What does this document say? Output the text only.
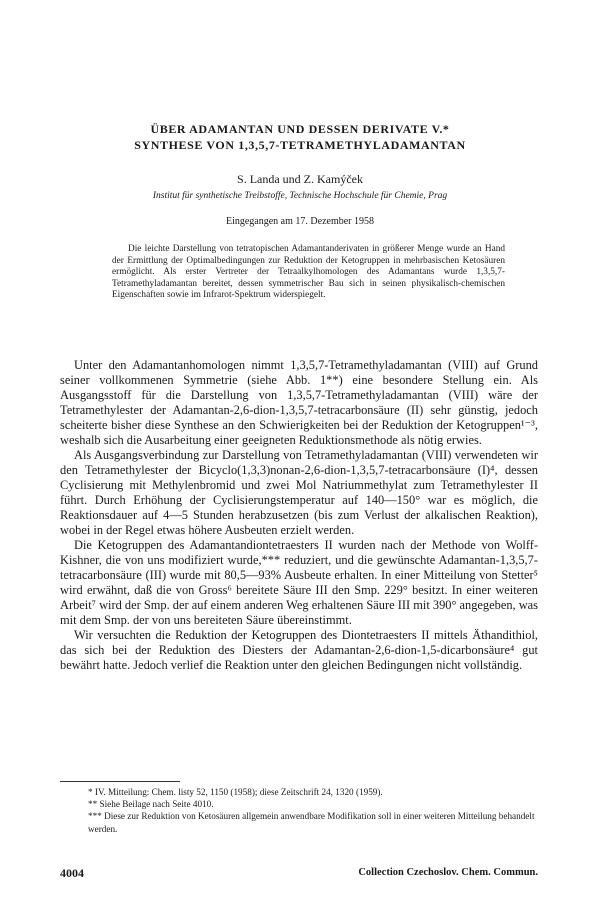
ÜBER ADAMANTAN UND DESSEN DERIVATE V.*
SYNTHESE VON 1,3,5,7-TETRAMETHYLADAMANTAN
S. Landa und Z. Kamýček
Institut für synthetische Treibstoffe, Technische Hochschule für Chemie, Prag
Eingegangen am 17. Dezember 1958

Die leichte Darstellung von tetratopischen Adamantanderivaten in größerer Menge wurde an Hand der Ermittlung der Optimalbedingungen zur Reduktion der Ketogruppen in mehrbasischen Ketosäuren ermöglicht. Als erster Vertreter der Tetraalkylhomologen des Adamantans wurde 1,3,5,7-Tetramethyladamantan bereitet, dessen symmetrischer Bau sich in seinen physikalisch-chemischen Eigenschaften sowie im Infrarot-Spektrum widerspiegelt.

Unter den Adamantanhomologen nimmt 1,3,5,7-Tetramethyladamantan (VIII) auf Grund seiner vollkommenen Symmetrie (siehe Abb. 1**) eine besondere Stellung ein. Als Ausgangsstoff für die Darstellung von 1,3,5,7-Tetramethyladamantan (VIII) wäre der Tetramethylester der Adamantan-2,6-dion-1,3,5,7-tetracarbonsäure (II) sehr günstig, jedoch scheiterte bisher diese Synthese an den Schwierigkeiten bei der Reduktion der Ketogruppen¹⁻³, weshalb sich die Ausarbeitung einer geeigneten Reduktionsmethode als nötig erwies.

Als Ausgangsverbindung zur Darstellung von Tetramethyladamantan (VIII) verwendeten wir den Tetramethylester der Bicyclo(1,3,3)nonan-2,6-dion-1,3,5,7-tetracarbonsäure (I)⁴, dessen Cyclisierung mit Methylenbromid und zwei Mol Natriummethylat zum Tetramethylester II führt. Durch Erhöhung der Cyclisierungstemperatur auf 140—150° war es möglich, die Reaktionsdauer auf 4—5 Stunden herabzusetzen (bis zum Verlust der alkalischen Reaktion), wobei in der Regel etwas höhere Ausbeuten erzielt werden.

Die Ketogruppen des Adamantandiontetraesters II wurden nach der Methode von Wolff-Kishner, die von uns modifiziert wurde,*** reduziert, und die gewünschte Adamantan-1,3,5,7-tetracarbonsäure (III) wurde mit 80,5—93% Ausbeute erhalten. In einer Mitteilung von Stetter⁵ wird erwähnt, daß die von Gross⁶ bereitete Säure III den Smp. 229° besitzt. In einer weiteren Arbeit⁷ wird der Smp. der auf einem anderen Weg erhaltenen Säure III mit 390° angegeben, was mit dem Smp. der von uns bereiteten Säure übereinstimmt.

Wir versuchten die Reduktion der Ketogruppen des Diontetraesters II mittels Äthandithiol, das sich bei der Reduktion des Diesters der Adamantan-2,6-dion-1,5-dicarbonsäure⁴ gut bewährt hatte. Jedoch verlief die Reaktion unter den gleichen Bedingungen nicht vollständig.

* IV. Mitteilung: Chem. listy 52, 1150 (1958); diese Zeitschrift 24, 1320 (1959).
** Siehe Beilage nach Seite 4010.
*** Diese zur Reduktion von Ketosäuren allgemein anwendbare Modifikation soll in einer weiteren Mitteilung behandelt werden.
4004	Collection Czechoslov. Chem. Commun.
